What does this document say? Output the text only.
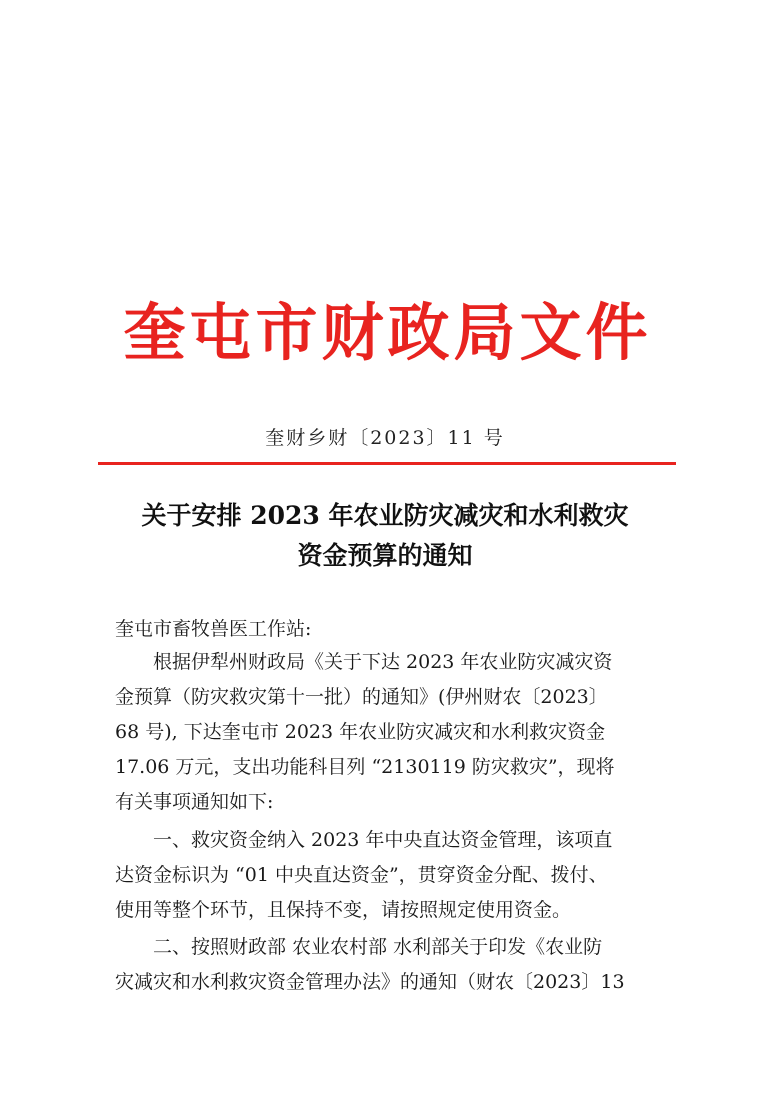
奎屯市财政局文件
奎财乡财〔2023〕11 号
关于安排 2023 年农业防灾减灾和水利救灾
资金预算的通知
奎屯市畜牧兽医工作站:
根据伊犁州财政局《关于下达 2023 年农业防灾减灾资
金预算（防灾救灾第十一批）的通知》(伊州财农〔2023〕
68 号), 下达奎屯市 2023 年农业防灾减灾和水利救灾资金
17.06 万元，支出功能科目列 “2130119 防灾救灾”，现将
有关事项通知如下:
一、救灾资金纳入 2023 年中央直达资金管理，该项直
达资金标识为 “01 中央直达资金”，贯穿资金分配、拨付、
使用等整个环节，且保持不变，请按照规定使用资金。
二、按照财政部 农业农村部 水利部关于印发《农业防
灾减灾和水利救灾资金管理办法》的通知（财农〔2023〕13
